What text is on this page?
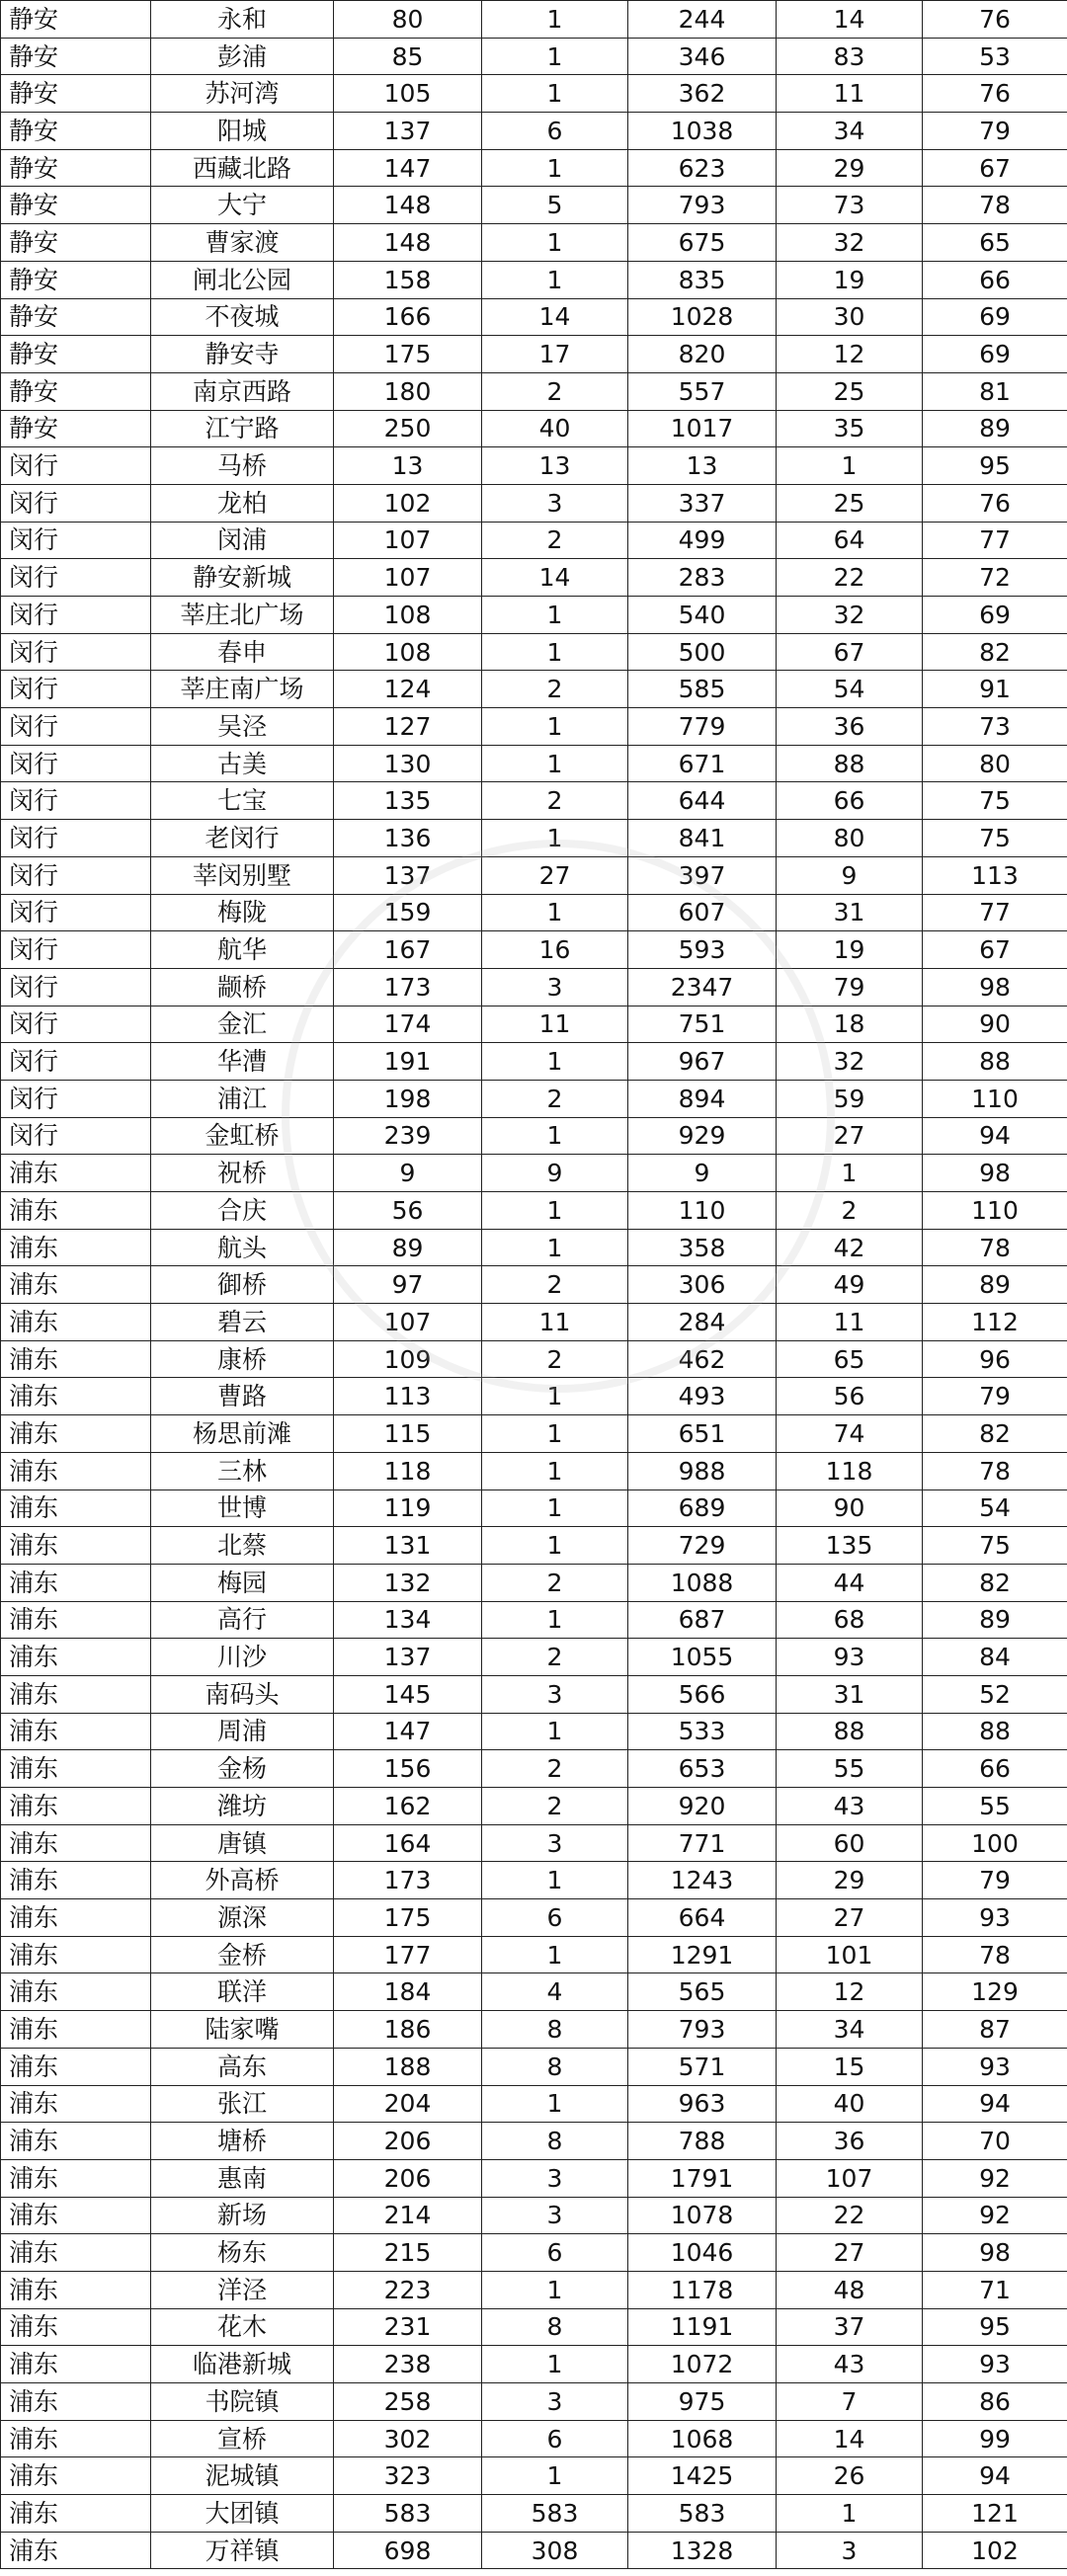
静安	永和	80	1	244	14	76
静安	彭浦	85	1	346	83	53
静安	苏河湾	105	1	362	11	76
静安	阳城	137	6	1038	34	79
静安	西藏北路	147	1	623	29	67
静安	大宁	148	5	793	73	78
静安	曹家渡	148	1	675	32	65
静安	闸北公园	158	1	835	19	66
静安	不夜城	166	14	1028	30	69
静安	静安寺	175	17	820	12	69
静安	南京西路	180	2	557	25	81
静安	江宁路	250	40	1017	35	89
闵行	马桥	13	13	13	1	95
闵行	龙柏	102	3	337	25	76
闵行	闵浦	107	2	499	64	77
闵行	静安新城	107	14	283	22	72
闵行	莘庄北广场	108	1	540	32	69
闵行	春申	108	1	500	67	82
闵行	莘庄南广场	124	2	585	54	91
闵行	吴泾	127	1	779	36	73
闵行	古美	130	1	671	88	80
闵行	七宝	135	2	644	66	75
闵行	老闵行	136	1	841	80	75
闵行	莘闵别墅	137	27	397	9	113
闵行	梅陇	159	1	607	31	77
闵行	航华	167	16	593	19	67
闵行	颛桥	173	3	2347	79	98
闵行	金汇	174	11	751	18	90
闵行	华漕	191	1	967	32	88
闵行	浦江	198	2	894	59	110
闵行	金虹桥	239	1	929	27	94
浦东	祝桥	9	9	9	1	98
浦东	合庆	56	1	110	2	110
浦东	航头	89	1	358	42	78
浦东	御桥	97	2	306	49	89
浦东	碧云	107	11	284	11	112
浦东	康桥	109	2	462	65	96
浦东	曹路	113	1	493	56	79
浦东	杨思前滩	115	1	651	74	82
浦东	三林	118	1	988	118	78
浦东	世博	119	1	689	90	54
浦东	北蔡	131	1	729	135	75
浦东	梅园	132	2	1088	44	82
浦东	高行	134	1	687	68	89
浦东	川沙	137	2	1055	93	84
浦东	南码头	145	3	566	31	52
浦东	周浦	147	1	533	88	88
浦东	金杨	156	2	653	55	66
浦东	潍坊	162	2	920	43	55
浦东	唐镇	164	3	771	60	100
浦东	外高桥	173	1	1243	29	79
浦东	源深	175	6	664	27	93
浦东	金桥	177	1	1291	101	78
浦东	联洋	184	4	565	12	129
浦东	陆家嘴	186	8	793	34	87
浦东	高东	188	8	571	15	93
浦东	张江	204	1	963	40	94
浦东	塘桥	206	8	788	36	70
浦东	惠南	206	3	1791	107	92
浦东	新场	214	3	1078	22	92
浦东	杨东	215	6	1046	27	98
浦东	洋泾	223	1	1178	48	71
浦东	花木	231	8	1191	37	95
浦东	临港新城	238	1	1072	43	93
浦东	书院镇	258	3	975	7	86
浦东	宣桥	302	6	1068	14	99
浦东	泥城镇	323	1	1425	26	94
浦东	大团镇	583	583	583	1	121
浦东	万祥镇	698	308	1328	3	102
